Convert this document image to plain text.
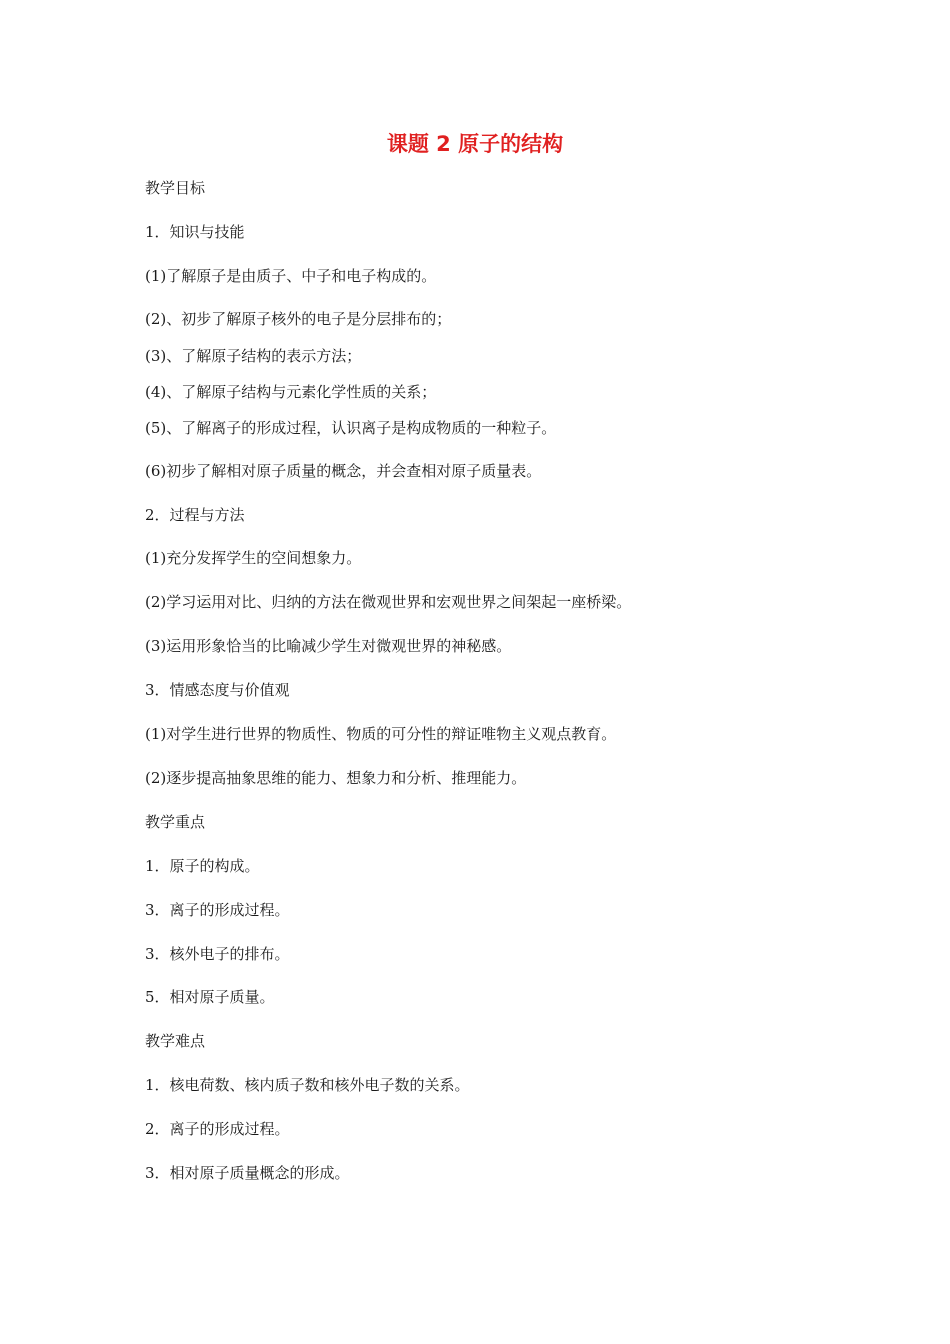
课题 2 原子的结构
教学目标
1．知识与技能
(1)了解原子是由质子、中子和电子构成的。
(2)、初步了解原子核外的电子是分层排布的；
(3)、了解原子结构的表示方法；
(4)、了解原子结构与元素化学性质的关系；
(5)、了解离子的形成过程，认识离子是构成物质的一种粒子。
(6)初步了解相对原子质量的概念，并会查相对原子质量表。
2．过程与方法
(1)充分发挥学生的空间想象力。
(2)学习运用对比、归纳的方法在微观世界和宏观世界之间架起一座桥梁。
(3)运用形象恰当的比喻减少学生对微观世界的神秘感。
3．情感态度与价值观
(1)对学生进行世界的物质性、物质的可分性的辩证唯物主义观点教育。
(2)逐步提高抽象思维的能力、想象力和分析、推理能力。
教学重点
1．原子的构成。
3．离子的形成过程。
3．核外电子的排布。
5．相对原子质量。
教学难点
1．核电荷数、核内质子数和核外电子数的关系。
2．离子的形成过程。
3．相对原子质量概念的形成。
